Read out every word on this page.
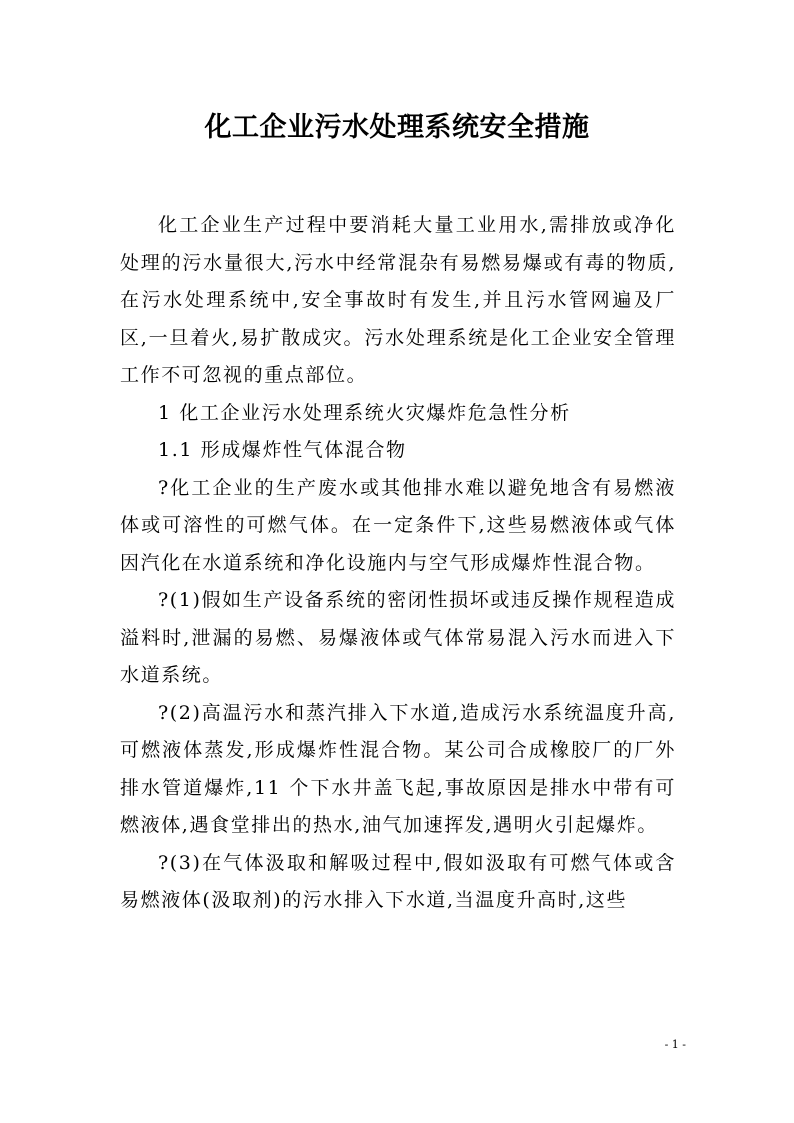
化工企业污水处理系统安全措施

化工企业生产过程中要消耗大量工业用水,需排放或净化处理的污水量很大,污水中经常混杂有易燃易爆或有毒的物质,在污水处理系统中,安全事故时有发生,并且污水管网遍及厂区,一旦着火,易扩散成灾。污水处理系统是化工企业安全管理工作不可忽视的重点部位。

1 化工企业污水处理系统火灾爆炸危急性分析

1.1 形成爆炸性气体混合物

?化工企业的生产废水或其他排水难以避免地含有易燃液体或可溶性的可燃气体。在一定条件下,这些易燃液体或气体因汽化在水道系统和净化设施内与空气形成爆炸性混合物。

?(1)假如生产设备系统的密闭性损坏或违反操作规程造成溢料时,泄漏的易燃、易爆液体或气体常易混入污水而进入下水道系统。

?(2)高温污水和蒸汽排入下水道,造成污水系统温度升高,可燃液体蒸发,形成爆炸性混合物。某公司合成橡胶厂的厂外排水管道爆炸,11 个下水井盖飞起,事故原因是排水中带有可燃液体,遇食堂排出的热水,油气加速挥发,遇明火引起爆炸。

?(3)在气体汲取和解吸过程中,假如汲取有可燃气体或含易燃液体(汲取剂)的污水排入下水道,当温度升高时,这些

- 1 -
